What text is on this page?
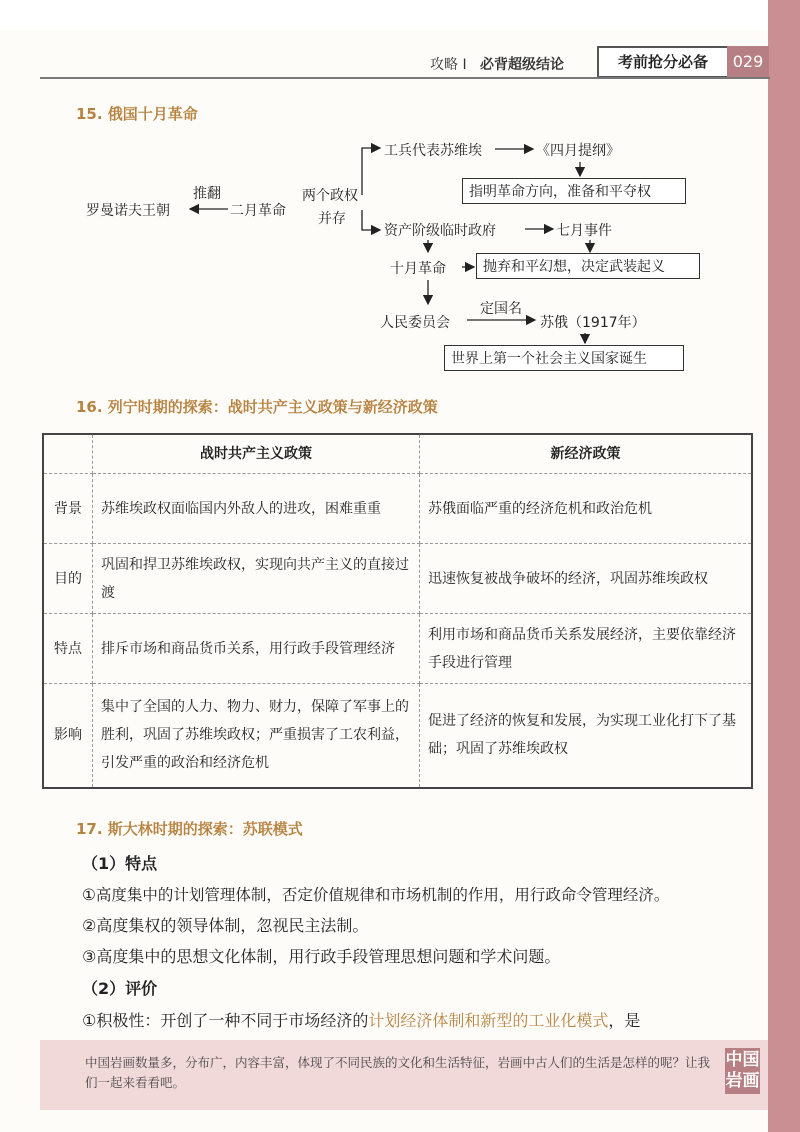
攻略 I 必背超级结论	考前抢分必备	029
15. 俄国十月革命
罗曼诺夫王朝
推翻
二月革命
两个政权
并存
工兵代表苏维埃	《四月提纲》
指明革命方向，准备和平夺权
资产阶级临时政府	七月事件
十月革命	抛弃和平幻想，决定武装起义
定国名
人民委员会	苏俄（1917年）
世界上第一个社会主义国家诞生
16. 列宁时期的探索：战时共产主义政策与新经济政策
	战时共产主义政策	新经济政策
背景	苏维埃政权面临国内外敌人的进攻，困难重重	苏俄面临严重的经济危机和政治危机
目的	巩固和捍卫苏维埃政权，实现向共产主义的直接过渡	迅速恢复被战争破坏的经济，巩固苏维埃政权
特点	排斥市场和商品货币关系，用行政手段管理经济	利用市场和商品货币关系发展经济，主要依靠经济手段进行管理
影响	集中了全国的人力、物力、财力，保障了军事上的胜利，巩固了苏维埃政权；严重损害了工农利益，引发严重的政治和经济危机	促进了经济的恢复和发展，为实现工业化打下了基础；巩固了苏维埃政权
17. 斯大林时期的探索：苏联模式
（1）特点
①高度集中的计划管理体制，否定价值规律和市场机制的作用，用行政命令管理经济。
②高度集权的领导体制，忽视民主法制。
③高度集中的思想文化体制，用行政手段管理思想问题和学术问题。
（2）评价
①积极性：开创了一种不同于市场经济的计划经济体制和新型的工业化模式，是
中国岩画数量多，分布广，内容丰富，体现了不同民族的文化和生活特征，岩画中古人们的生活是怎样的呢？让我们一起来看看吧。
中国岩画
